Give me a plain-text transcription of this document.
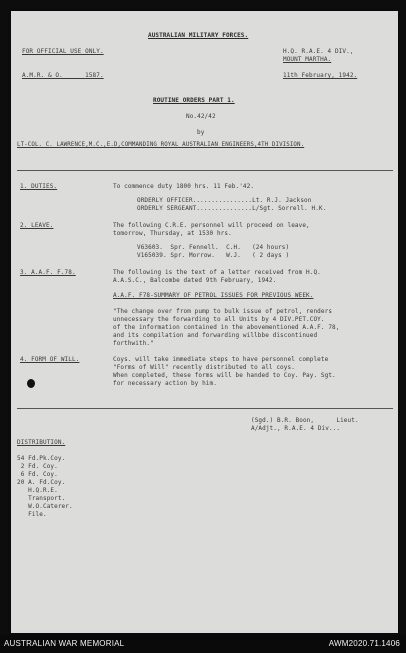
AUSTRALIAN MILITARY FORCES.
FOR OFFICIAL USE ONLY.	H.Q. R.A.E. 4 DIV.,
MOUNT MARTHA.
A.M.R. & O.      1587.	11th February, 1942.
ROUTINE ORDERS PART 1.
No.42/42
by
LT-COL. C. LAWRENCE,M.C.,E.D,COMMANDING ROYAL AUSTRALIAN ENGINEERS,4TH DIVISION.
1. DUTIES.	To commence duty 1800 hrs. 11 Feb.'42.
ORDERLY OFFICER................Lt. R.J. Jackson
ORDERLY SERGEANT...............L/Sgt. Sorrell. H.K.
2. LEAVE.	The following C.R.E. personnel will proceed on leave,
tomorrow, Thursday, at 1530 hrs.
V63603.  Spr. Fennell.  C.H.   (24 hours)
V165039. Spr. Morrow.   W.J.   ( 2 days )
3. A.A.F. F.78.	The following is the text of a letter received from H.Q.
A.A.S.C., Balcombe dated 9th February, 1942.
A.A.F. F78-SUMMARY OF PETROL ISSUES FOR PREVIOUS WEEK.
"The change over from pump to bulk issue of petrol, renders
unnecessary the forwarding to all Units by 4 DIV.PET.COY.
of the information contained in the abovementioned A.A.F. 78,
and its compilation and forwarding willbbe discontinued
forthwith."
4. FORM OF WILL.	Coys. will take immediate steps to have personnel complete
"Forms of Will" recently distributed to all coys.
When completed, these forms will be handed to Coy. Pay. Sgt.
for necessary action by him.
(Sgd.) B.R. Boon,      Lieut.
A/Adjt., R.A.E. 4 Div...
DISTRIBUTION.
54 Fd.Pk.Coy.
2 Fd. Coy.
6 Fd. Coy.
20 A. Fd.Coy.
H.Q.R.E.
Transport.
W.O.Caterer.
File.
AUSTRALIAN WAR MEMORIAL	AWM2020.71.1406
